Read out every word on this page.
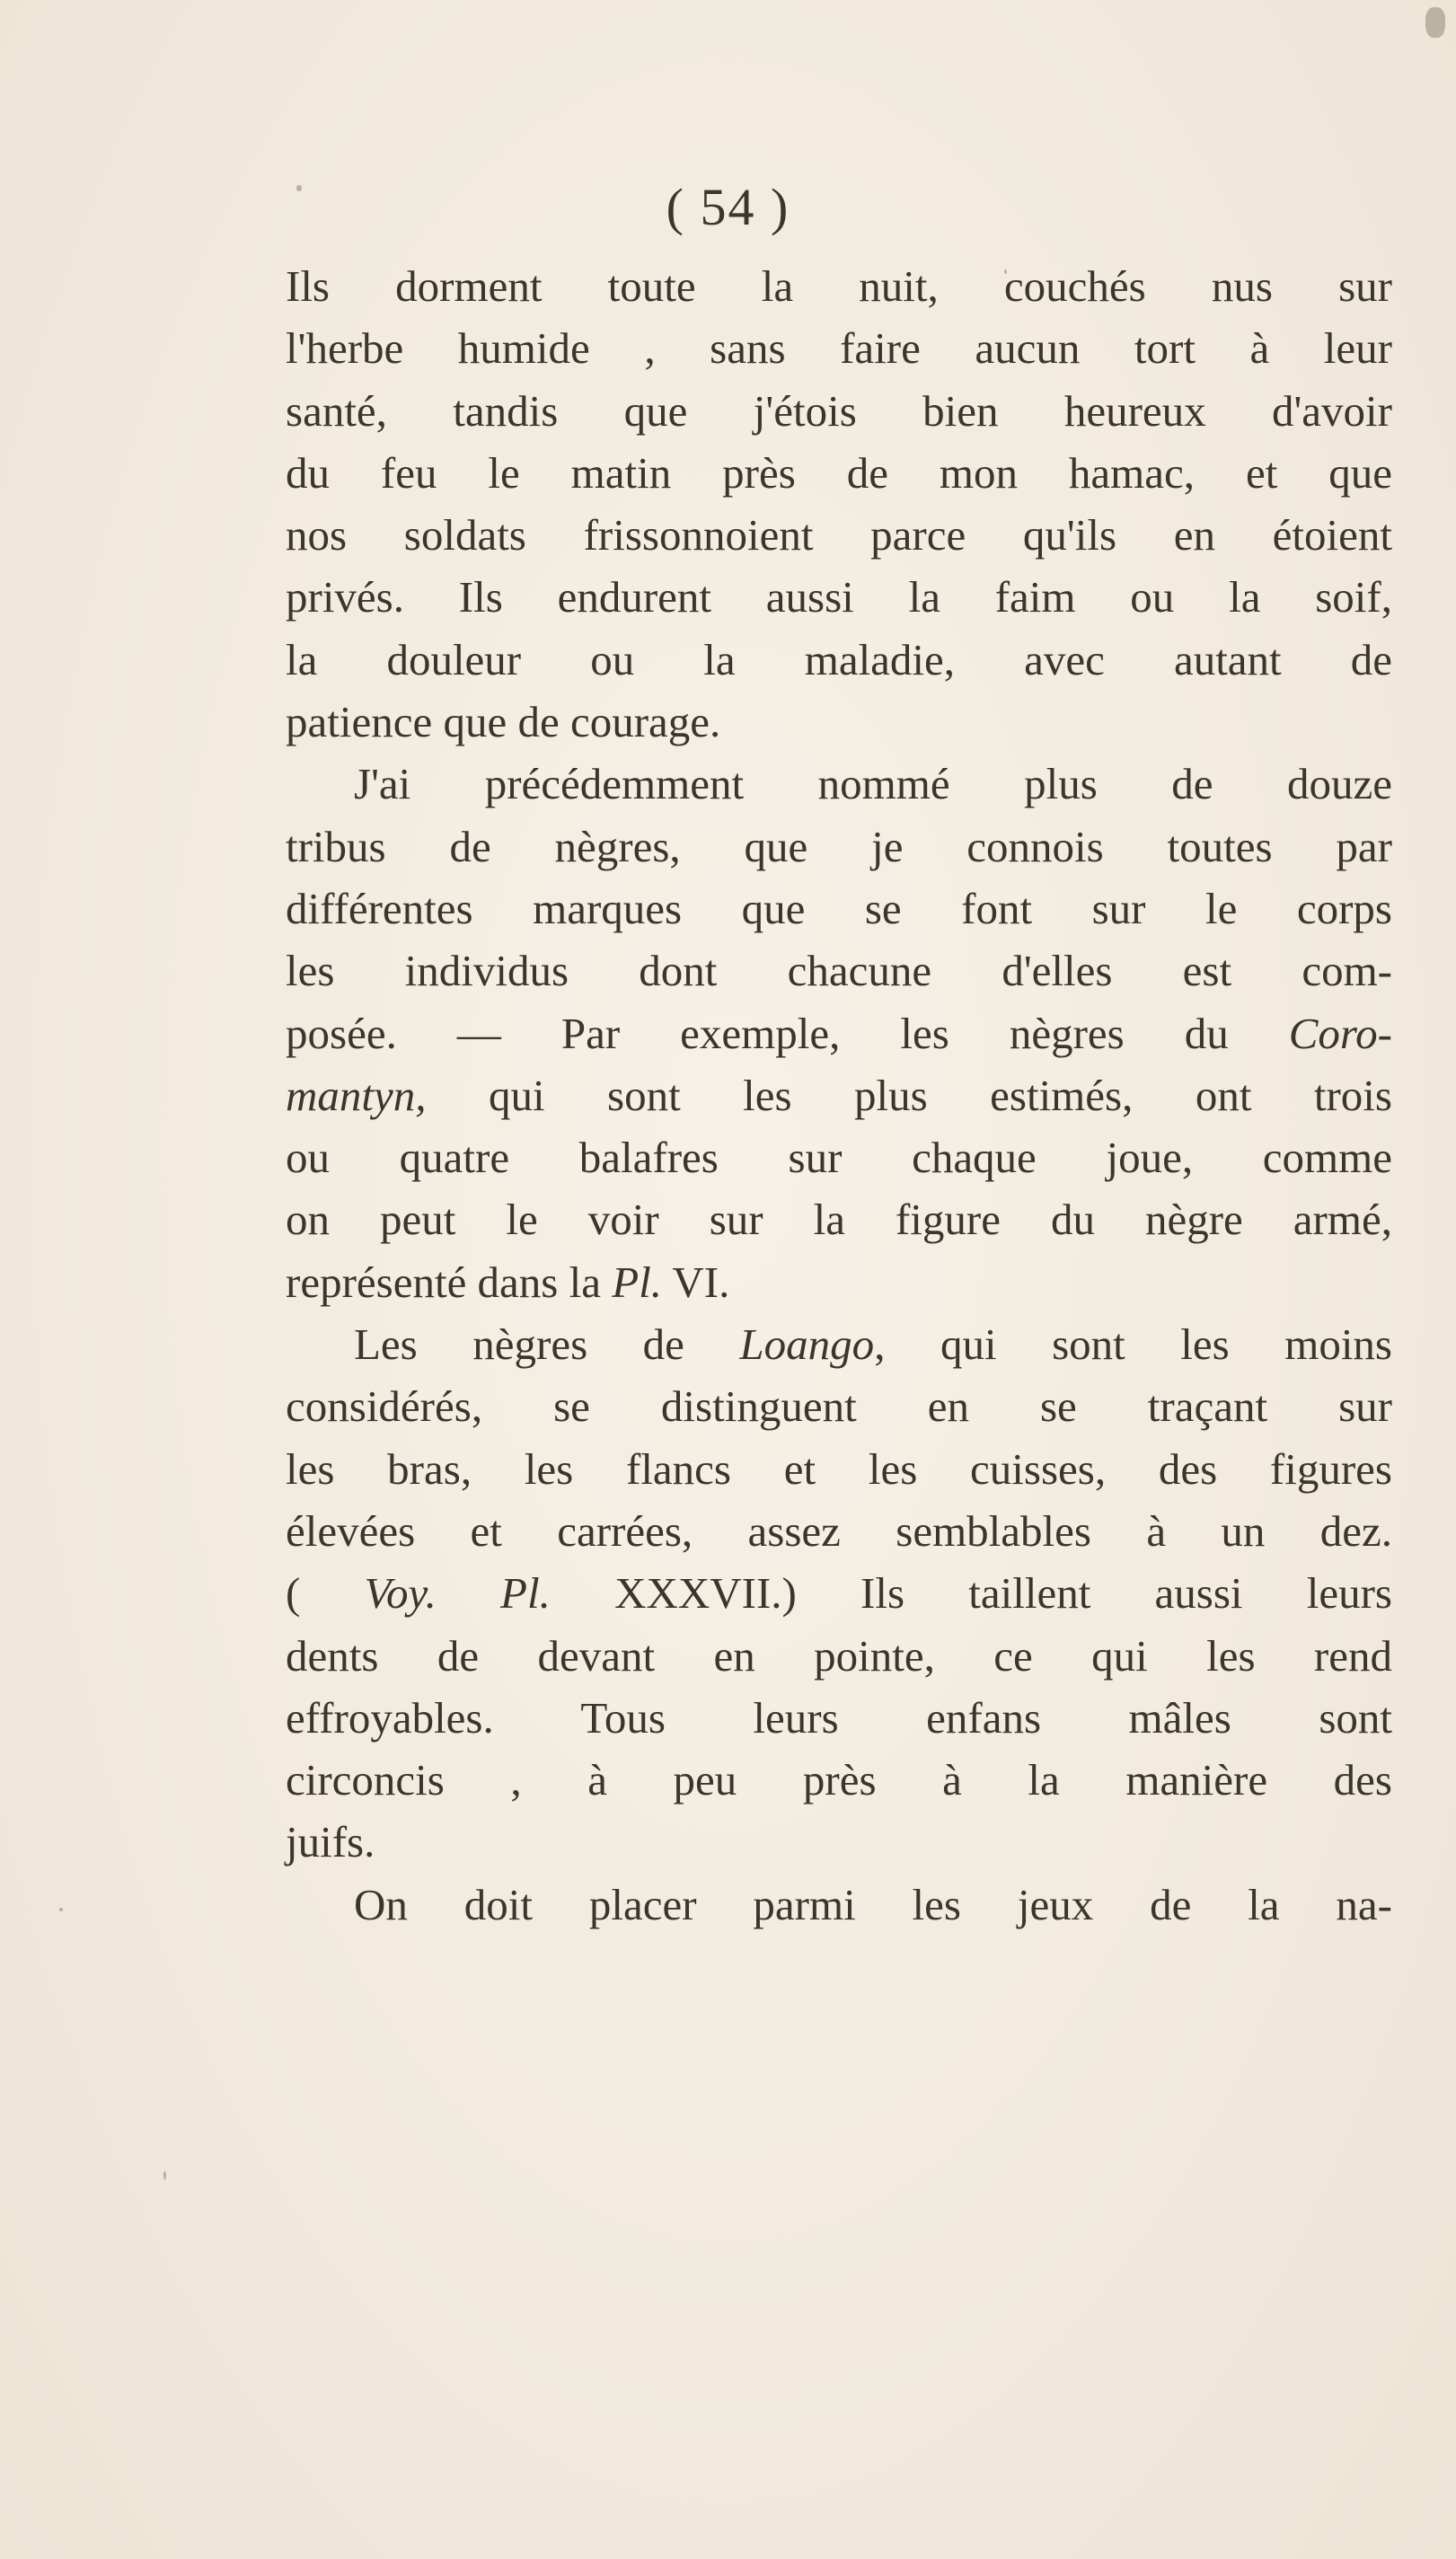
( 54 )
Ils dorment toute la nuit, couchés nus sur
l'herbe humide , sans faire aucun tort à leur
santé, tandis que j'étois bien heureux d'avoir
du feu le matin près de mon hamac, et que
nos soldats frissonnoient parce qu'ils en étoient
privés. Ils endurent aussi la faim ou la soif,
la douleur ou la maladie, avec autant de
patience que de courage.
J'ai précédemment nommé plus de douze
tribus de nègres, que je connois toutes par
différentes marques que se font sur le corps
les individus dont chacune d'elles est com-
posée. — Par exemple, les nègres du Coro-
mantyn, qui sont les plus estimés, ont trois
ou quatre balafres sur chaque joue, comme
on peut le voir sur la figure du nègre armé,
représenté dans la Pl. VI.
Les nègres de Loango, qui sont les moins
considérés, se distinguent en se traçant sur
les bras, les flancs et les cuisses, des figures
élevées et carrées, assez semblables à un dez.
( Voy. Pl. XXXVII.) Ils taillent aussi leurs
dents de devant en pointe, ce qui les rend
effroyables. Tous leurs enfans mâles sont
circoncis , à peu près à la manière des
juifs.
On doit placer parmi les jeux de la na-
